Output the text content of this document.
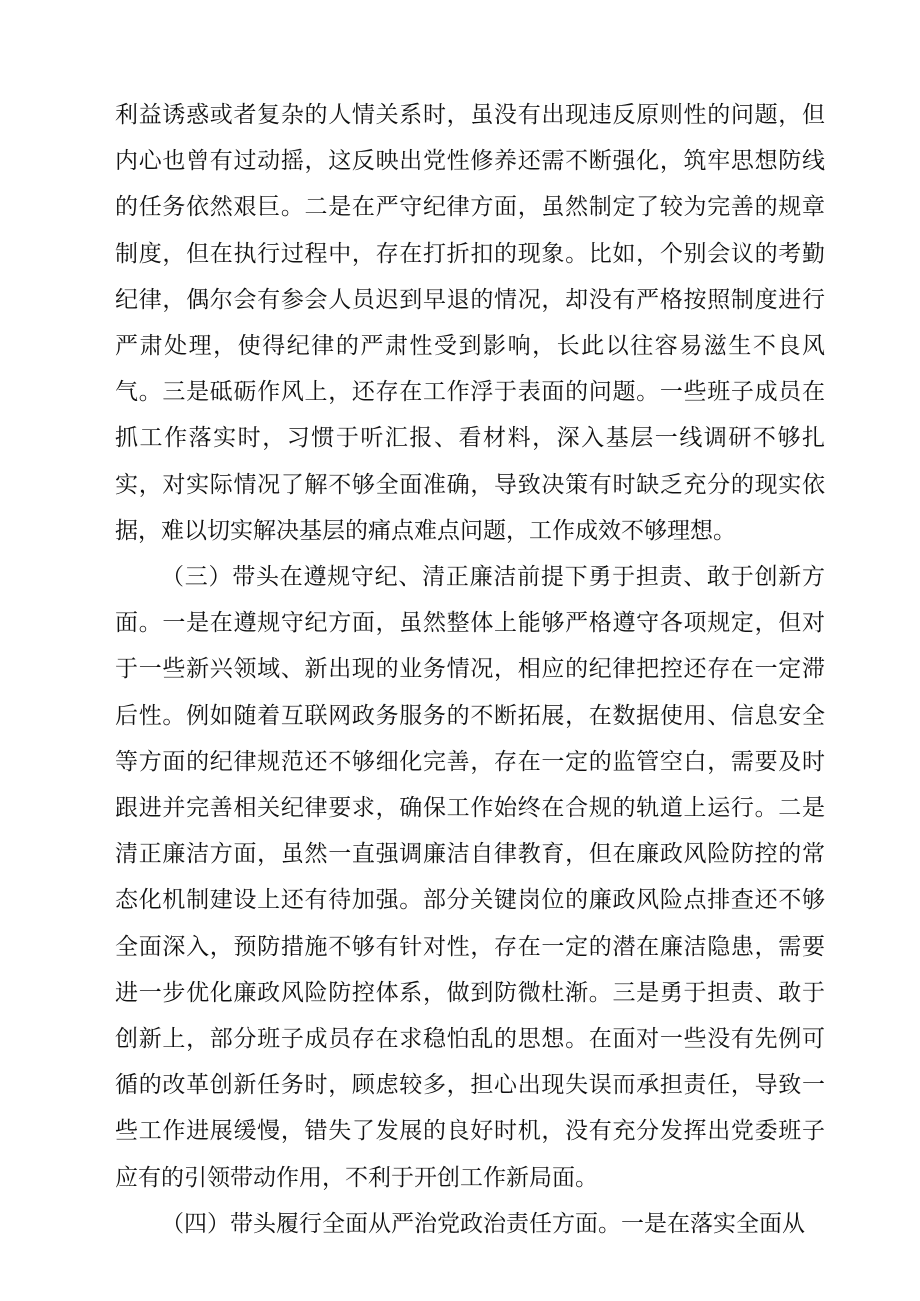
利益诱惑或者复杂的人情关系时，虽没有出现违反原则性的问题，但内心也曾有过动摇，这反映出党性修养还需不断强化，筑牢思想防线的任务依然艰巨。二是在严守纪律方面，虽然制定了较为完善的规章制度，但在执行过程中，存在打折扣的现象。比如，个别会议的考勤纪律，偶尔会有参会人员迟到早退的情况，却没有严格按照制度进行严肃处理，使得纪律的严肃性受到影响，长此以往容易滋生不良风气。三是砥砺作风上，还存在工作浮于表面的问题。一些班子成员在抓工作落实时，习惯于听汇报、看材料，深入基层一线调研不够扎实，对实际情况了解不够全面准确，导致决策有时缺乏充分的现实依据，难以切实解决基层的痛点难点问题，工作成效不够理想。

（三）带头在遵规守纪、清正廉洁前提下勇于担责、敢于创新方面。一是在遵规守纪方面，虽然整体上能够严格遵守各项规定，但对于一些新兴领域、新出现的业务情况，相应的纪律把控还存在一定滞后性。例如随着互联网政务服务的不断拓展，在数据使用、信息安全等方面的纪律规范还不够细化完善，存在一定的监管空白，需要及时跟进并完善相关纪律要求，确保工作始终在合规的轨道上运行。二是清正廉洁方面，虽然一直强调廉洁自律教育，但在廉政风险防控的常态化机制建设上还有待加强。部分关键岗位的廉政风险点排查还不够全面深入，预防措施不够有针对性，存在一定的潜在廉洁隐患，需要进一步优化廉政风险防控体系，做到防微杜渐。三是勇于担责、敢于创新上，部分班子成员存在求稳怕乱的思想。在面对一些没有先例可循的改革创新任务时，顾虑较多，担心出现失误而承担责任，导致一些工作进展缓慢，错失了发展的良好时机，没有充分发挥出党委班子应有的引领带动作用，不利于开创工作新局面。

（四）带头履行全面从严治党政治责任方面。一是在落实全面从
